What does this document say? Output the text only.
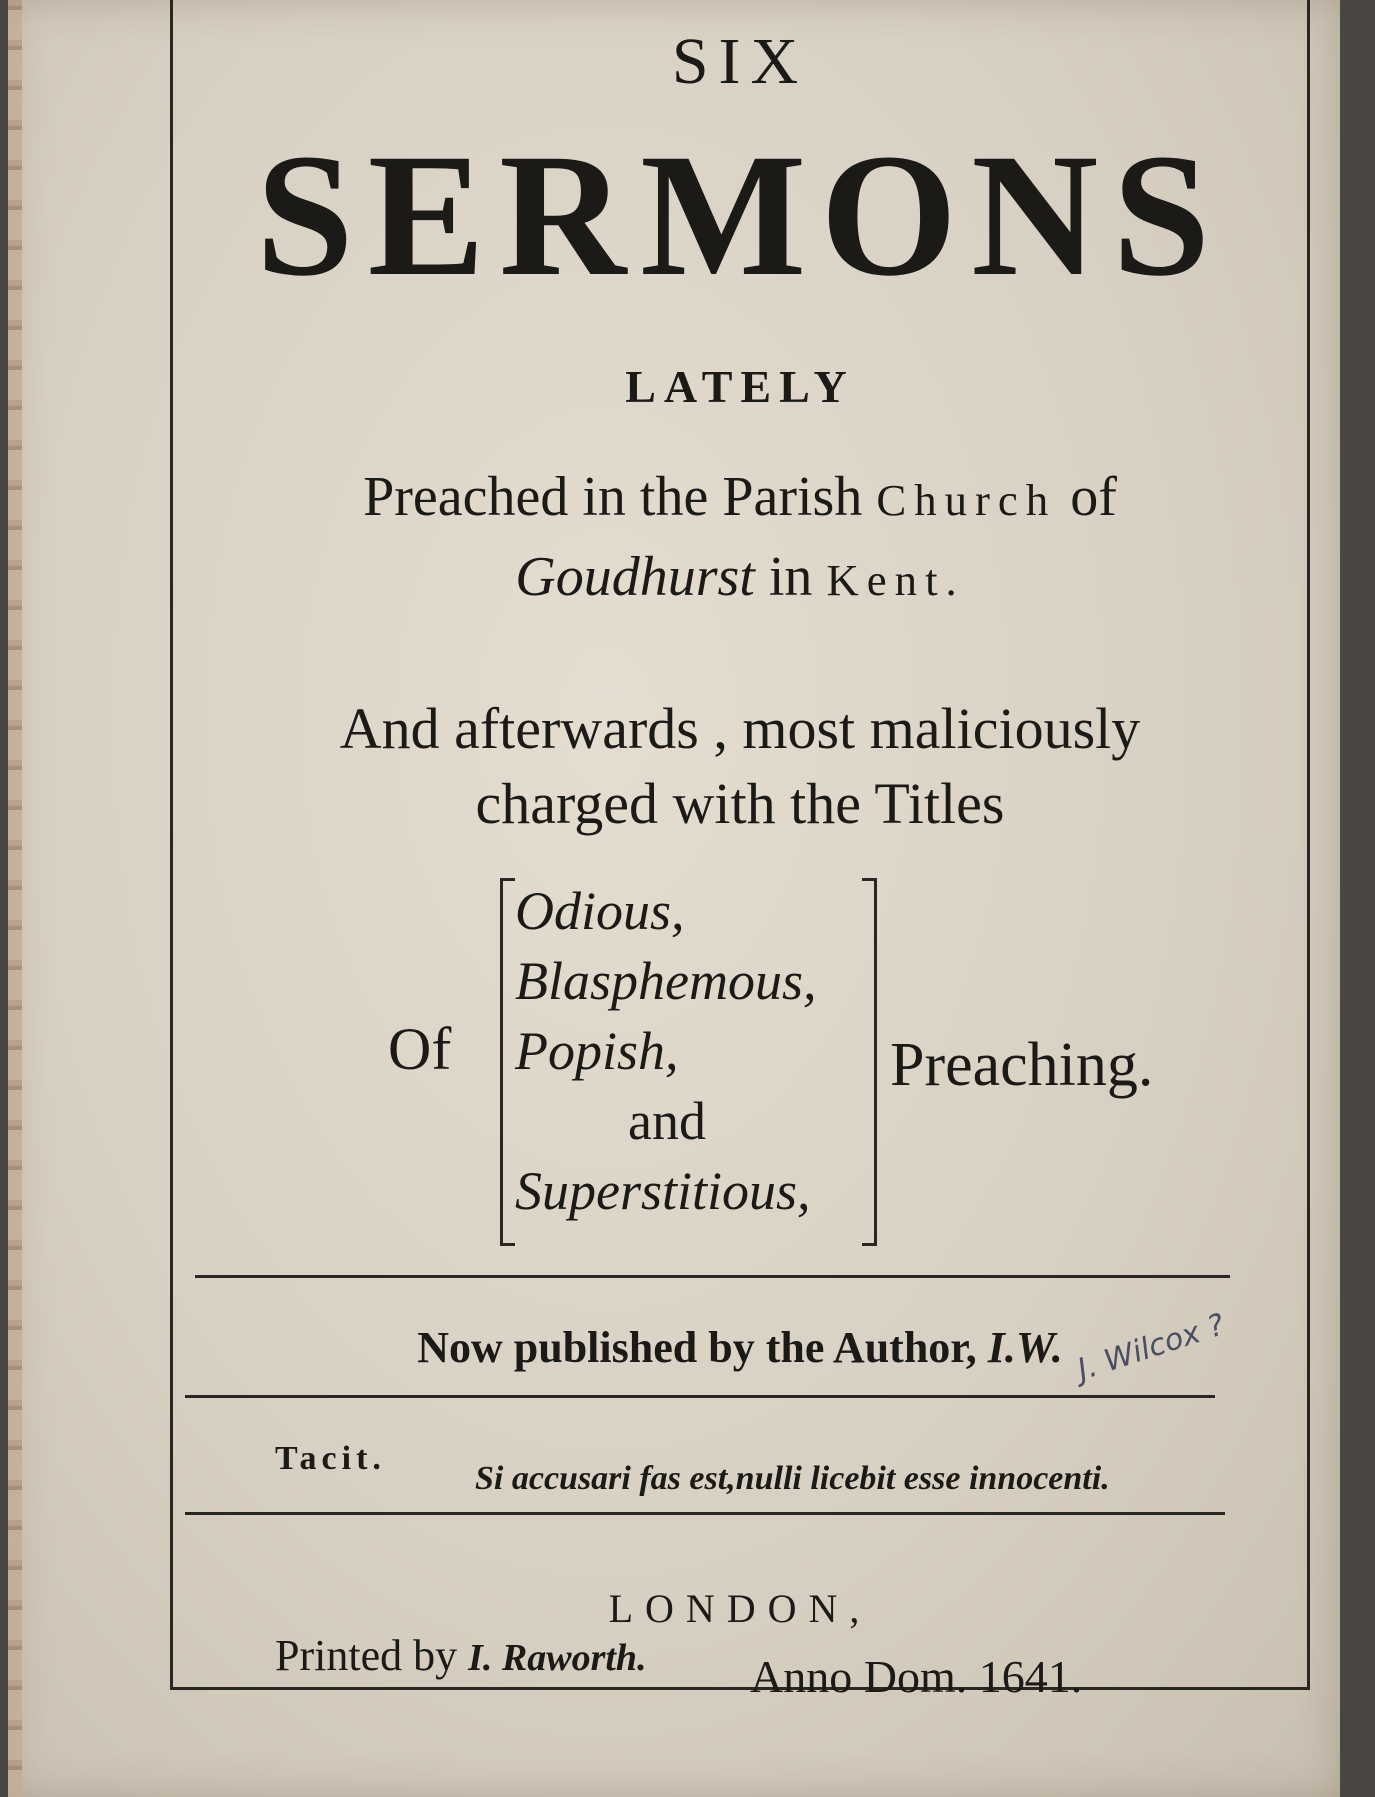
SIX
SERMONS
LATELY
Preached in the Parish Church of
Goudhurst in Kent.
And afterwards , most maliciously
charged with the Titles
Of
Odious,
Blasphemous,
Popish,
and
Superstitious,
Preaching.
Now published by the Author, I.W. J. Wilcox ?
Tacit.
Si accusari fas est,nulli licebit esse innocenti.
LONDON,
Printed by I. Raworth. Anno Dom. 1641.
